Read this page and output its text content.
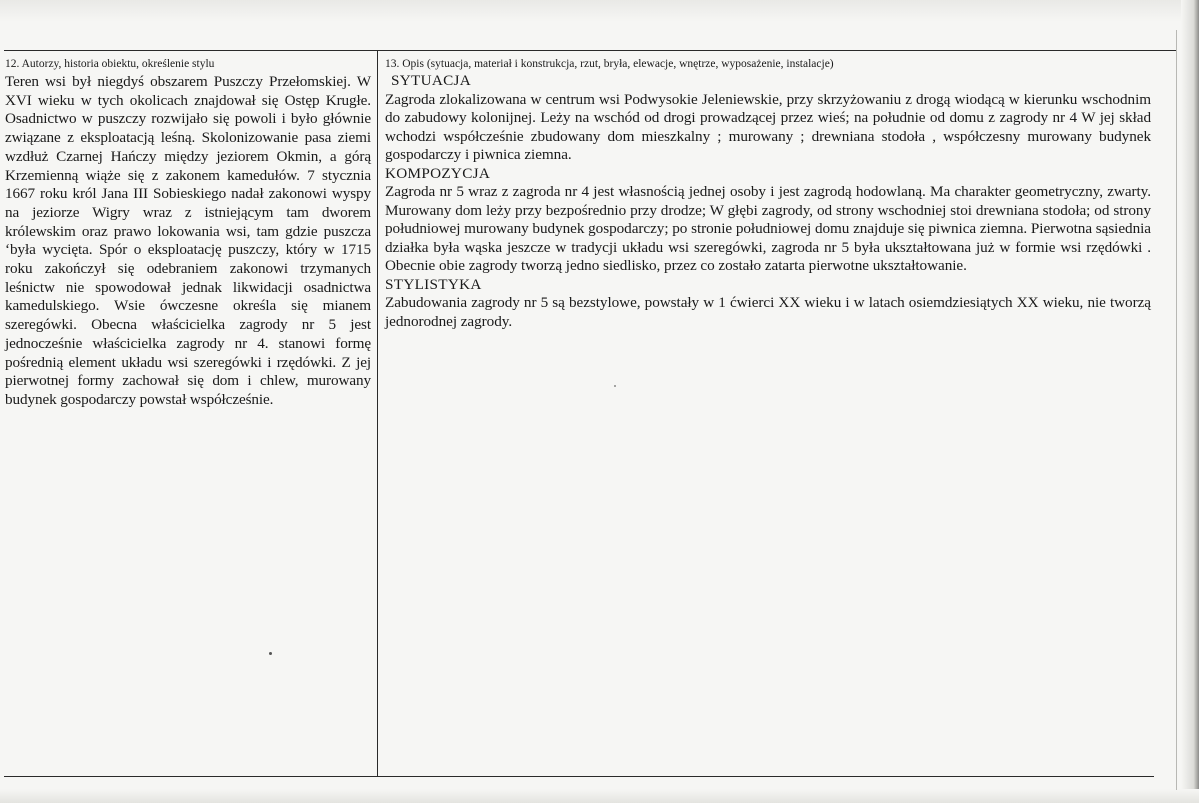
12. Autorzy, historia obiektu, określenie stylu

Teren wsi był niegdyś obszarem Puszczy Przełomskiej. W XVI wieku w tych okolicach znajdował się Ostęp Krugłe. Osadnictwo w puszczy rozwijało się powoli i było głównie związane z eksploatacją leśną. Skolonizowanie pasa ziemi wzdłuż Czarnej Hańczy między jeziorem Okmin, a górą Krzemienną wiąże się z zakonem kamedułów. 7 stycznia 1667 roku król Jana III Sobieskiego nadał zakonowi wyspy na jeziorze Wigry wraz z istniejącym tam dworem królewskim oraz prawo lokowania wsi, tam gdzie puszcza ‘była wycięta. Spór o eksploatację puszczy, który w 1715 roku zakończył się odebraniem zakonowi trzymanych leśnictw nie spowodował jednak likwidacji osadnictwa kamedulskiego. Wsie ówczesne określa się mianem szeregówki. Obecna właścicielka zagrody nr 5 jest jednocześnie właścicielka zagrody nr 4. stanowi formę pośrednią element układu wsi szeregówki i rzędówki. Z jej pierwotnej formy zachował się dom i chlew, murowany budynek gospodarczy powstał współcześnie.

13. Opis (sytuacja, materiał i konstrukcja, rzut, bryła, elewacje, wnętrze, wyposażenie, instalacje)

SYTUACJA

Zagroda zlokalizowana w centrum wsi Podwysokie Jeleniewskie, przy skrzyżowaniu z drogą wiodącą w kierunku wschodnim do zabudowy kolonijnej. Leży na wschód od drogi prowadzącej przez wieś; na południe od domu z zagrody nr 4 W jej skład wchodzi współcześnie zbudowany dom mieszkalny ; murowany ; drewniana stodoła , współczesny murowany budynek gospodarczy i piwnica ziemna.

KOMPOZYCJA

Zagroda nr 5 wraz z zagroda nr 4 jest własnością jednej osoby i jest zagrodą hodowlaną. Ma charakter geometryczny, zwarty. Murowany dom leży przy bezpośrednio przy drodze; W głębi zagrody, od strony wschodniej stoi drewniana stodoła; od strony południowej murowany budynek gospodarczy; po stronie południowej domu znajduje się piwnica ziemna. Pierwotna sąsiednia działka była wąska jeszcze w tradycji układu wsi szeregówki, zagroda nr 5 była ukształtowana już w formie wsi rzędówki . Obecnie obie zagrody tworzą jedno siedlisko, przez co zostało zatarta pierwotne ukształtowanie.

STYLISTYKA

Zabudowania zagrody nr 5 są bezstylowe, powstały w 1 ćwierci XX wieku i w latach osiemdziesiątych XX wieku, nie tworzą jednorodnej zagrody.
